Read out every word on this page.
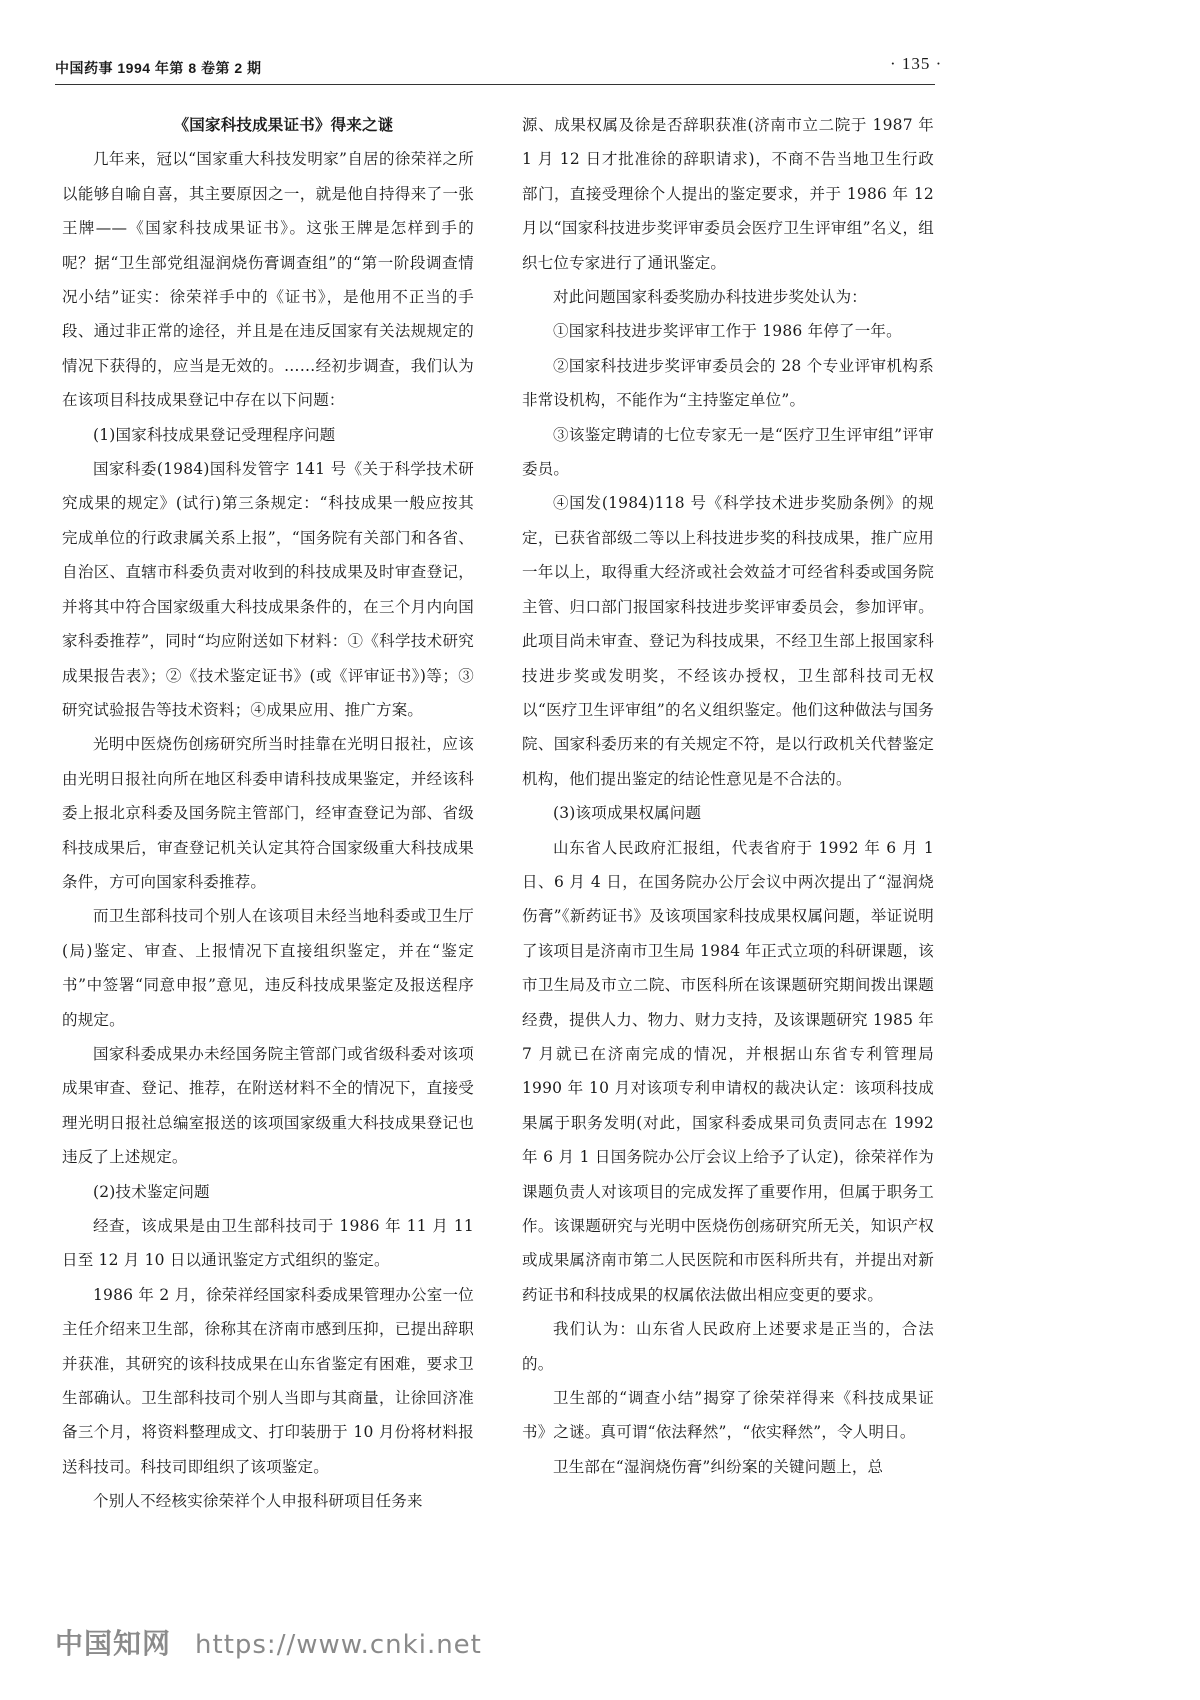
中国药事 1994 年第 8 卷第 2 期	· 135 ·
《国家科技成果证书》得来之谜

几年来，冠以“国家重大科技发明家”自居的徐荣祥之所以能够自喻自喜，其主要原因之一，就是他自持得来了一张王牌——《国家科技成果证书》。这张王牌是怎样到手的呢？据“卫生部党组湿润烧伤膏调查组”的“第一阶段调查情况小结”证实：徐荣祥手中的《证书》，是他用不正当的手段、通过非正常的途径，并且是在违反国家有关法规规定的情况下获得的，应当是无效的。……经初步调查，我们认为在该项目科技成果登记中存在以下问题：

(1)国家科技成果登记受理程序问题

国家科委(1984)国科发管字 141 号《关于科学技术研究成果的规定》(试行)第三条规定：“科技成果一般应按其完成单位的行政隶属关系上报”，“国务院有关部门和各省、自治区、直辖市科委负责对收到的科技成果及时审查登记，并将其中符合国家级重大科技成果条件的，在三个月内向国家科委推荐”，同时“均应附送如下材料：①《科学技术研究成果报告表》；②《技术鉴定证书》(或《评审证书》)等；③研究试验报告等技术资料；④成果应用、推广方案。

光明中医烧伤创疡研究所当时挂靠在光明日报社，应该由光明日报社向所在地区科委申请科技成果鉴定，并经该科委上报北京科委及国务院主管部门，经审查登记为部、省级科技成果后，审查登记机关认定其符合国家级重大科技成果条件，方可向国家科委推荐。

而卫生部科技司个别人在该项目未经当地科委或卫生厅(局)鉴定、审查、上报情况下直接组织鉴定，并在“鉴定书”中签署“同意申报”意见，违反科技成果鉴定及报送程序的规定。

国家科委成果办未经国务院主管部门或省级科委对该项成果审查、登记、推荐，在附送材料不全的情况下，直接受理光明日报社总编室报送的该项国家级重大科技成果登记也违反了上述规定。

(2)技术鉴定问题

经查，该成果是由卫生部科技司于 1986 年 11 月 11 日至 12 月 10 日以通讯鉴定方式组织的鉴定。

1986 年 2 月，徐荣祥经国家科委成果管理办公室一位主任介绍来卫生部，徐称其在济南市感到压抑，已提出辞职并获准，其研究的该科技成果在山东省鉴定有困难，要求卫生部确认。卫生部科技司个别人当即与其商量，让徐回济准备三个月，将资料整理成文、打印装册于 10 月份将材料报送科技司。科技司即组织了该项鉴定。

个别人不经核实徐荣祥个人申报科研项目任务来

源、成果权属及徐是否辞职获准(济南市立二院于 1987 年 1 月 12 日才批准徐的辞职请求)，不商不告当地卫生行政部门，直接受理徐个人提出的鉴定要求，并于 1986 年 12 月以“国家科技进步奖评审委员会医疗卫生评审组”名义，组织七位专家进行了通讯鉴定。

对此问题国家科委奖励办科技进步奖处认为：

①国家科技进步奖评审工作于 1986 年停了一年。

②国家科技进步奖评审委员会的 28 个专业评审机构系非常设机构，不能作为“主持鉴定单位”。

③该鉴定聘请的七位专家无一是“医疗卫生评审组”评审委员。

④国发(1984)118 号《科学技术进步奖励条例》的规定，已获省部级二等以上科技进步奖的科技成果，推广应用一年以上，取得重大经济或社会效益才可经省科委或国务院主管、归口部门报国家科技进步奖评审委员会，参加评审。此项目尚未审查、登记为科技成果，不经卫生部上报国家科技进步奖或发明奖，不经该办授权，卫生部科技司无权以“医疗卫生评审组”的名义组织鉴定。他们这种做法与国务院、国家科委历来的有关规定不符，是以行政机关代替鉴定机构，他们提出鉴定的结论性意见是不合法的。

(3)该项成果权属问题

山东省人民政府汇报组，代表省府于 1992 年 6 月 1 日、6 月 4 日，在国务院办公厅会议中两次提出了“湿润烧伤膏”《新药证书》及该项国家科技成果权属问题，举证说明了该项目是济南市卫生局 1984 年正式立项的科研课题，该市卫生局及市立二院、市医科所在该课题研究期间拨出课题经费，提供人力、物力、财力支持，及该课题研究 1985 年 7 月就已在济南完成的情况，并根据山东省专利管理局 1990 年 10 月对该项专利申请权的裁决认定：该项科技成果属于职务发明(对此，国家科委成果司负责同志在 1992 年 6 月 1 日国务院办公厅会议上给予了认定)，徐荣祥作为课题负责人对该项目的完成发挥了重要作用，但属于职务工作。该课题研究与光明中医烧伤创疡研究所无关，知识产权或成果属济南市第二人民医院和市医科所共有，并提出对新药证书和科技成果的权属依法做出相应变更的要求。

我们认为：山东省人民政府上述要求是正当的，合法的。

卫生部的“调查小结”揭穿了徐荣祥得来《科技成果证书》之谜。真可谓“依法释然”，“依实释然”，令人明日。

卫生部在“湿润烧伤膏”纠纷案的关键问题上，总

中国知网 https://www.cnki.net
